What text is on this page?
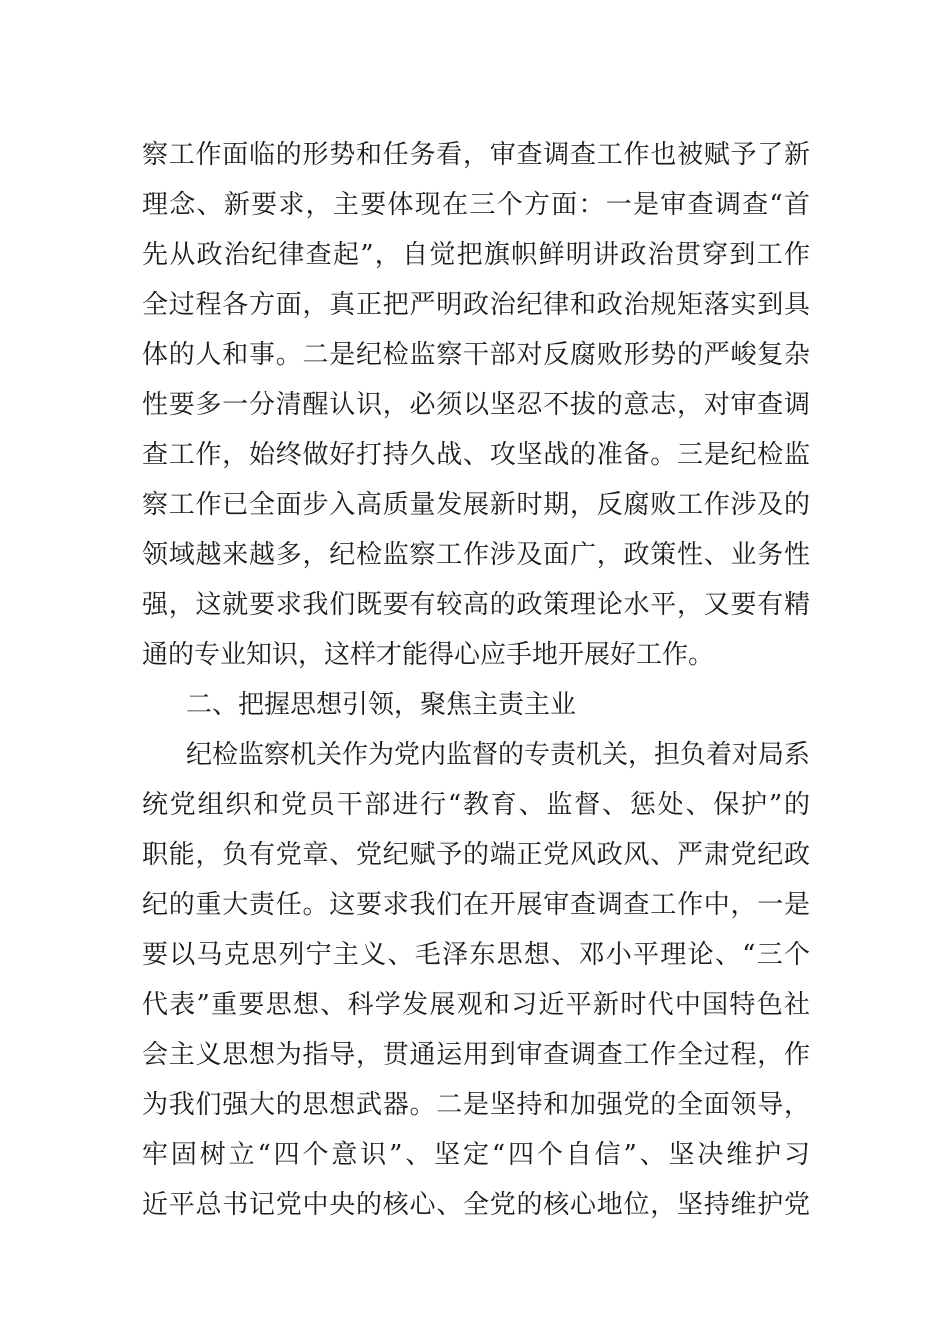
察工作面临的形势和任务看，审查调查工作也被赋予了新
理念、新要求，主要体现在三个方面：一是审查调查“首
先从政治纪律查起”，自觉把旗帜鲜明讲政治贯穿到工作
全过程各方面，真正把严明政治纪律和政治规矩落实到具
体的人和事。二是纪检监察干部对反腐败形势的严峻复杂
性要多一分清醒认识，必须以坚忍不拔的意志，对审查调
查工作，始终做好打持久战、攻坚战的准备。三是纪检监
察工作已全面步入高质量发展新时期，反腐败工作涉及的
领域越来越多，纪检监察工作涉及面广，政策性、业务性
强，这就要求我们既要有较高的政策理论水平，又要有精
通的专业知识，这样才能得心应手地开展好工作。
二、把握思想引领，聚焦主责主业
纪检监察机关作为党内监督的专责机关，担负着对局系
统党组织和党员干部进行“教育、监督、惩处、保护”的
职能，负有党章、党纪赋予的端正党风政风、严肃党纪政
纪的重大责任。这要求我们在开展审查调查工作中，一是
要以马克思列宁主义、毛泽东思想、邓小平理论、“三个
代表”重要思想、科学发展观和习近平新时代中国特色社
会主义思想为指导，贯通运用到审查调查工作全过程，作
为我们强大的思想武器。二是坚持和加强党的全面领导，
牢固树立“四个意识”、坚定“四个自信”、坚决维护习
近平总书记党中央的核心、全党的核心地位，坚持维护党
